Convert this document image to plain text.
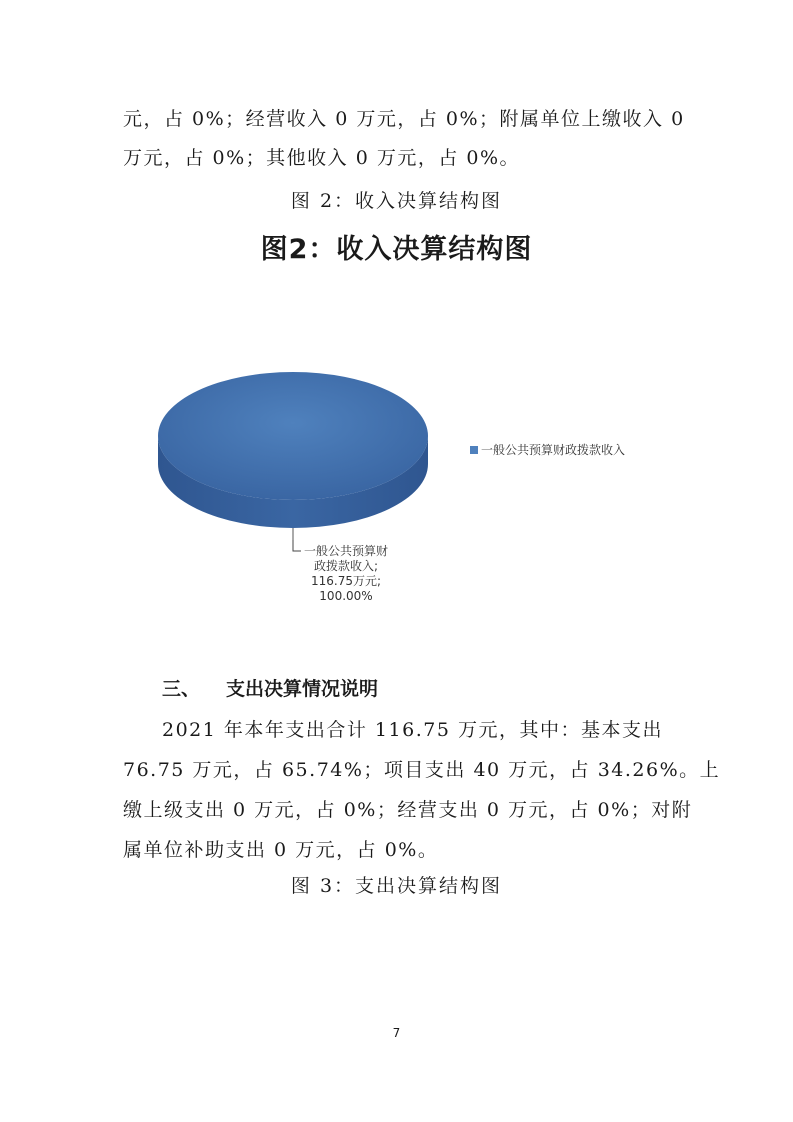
元，占 0%；经营收入 0 万元，占 0%；附属单位上缴收入 0
万元，占 0%；其他收入 0 万元，占 0%。
图 2：收入决算结构图
图2：收入决算结构图
一般公共预算财政拨款收入
一般公共预算财
政拨款收入;
116.75万元;
100.00%
三、 支出决算情况说明
2021 年本年支出合计 116.75 万元，其中：基本支出
76.75 万元，占 65.74%；项目支出 40 万元，占 34.26%。上
缴上级支出 0 万元，占 0%；经营支出 0 万元，占 0%；对附
属单位补助支出 0 万元，占 0%。
图 3：支出决算结构图
7
